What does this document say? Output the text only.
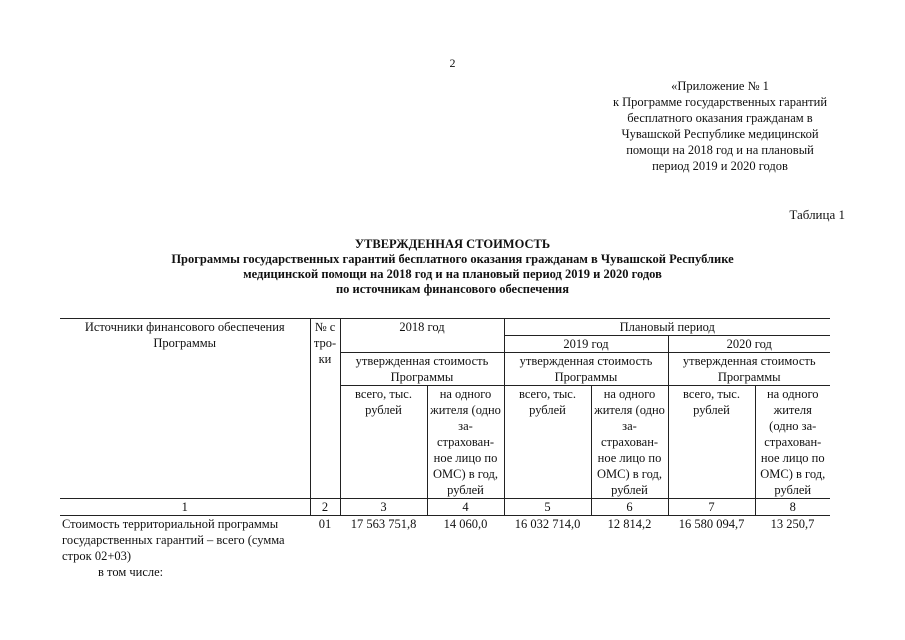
2
«Приложение № 1
к Программе государственных гарантий
бесплатного оказания гражданам в
Чувашской Республике медицинской
помощи на 2018 год и на плановый
период 2019 и 2020 годов
Таблица 1
УТВЕРЖДЕННАЯ СТОИМОСТЬ
Программы государственных гарантий бесплатного оказания гражданам в Чувашской Республике
медицинской помощи на 2018 год и на плановый период 2019 и 2020 годов
по источникам финансового обеспечения
Источники финансового обеспечения Программы	№ стро- ки	2018 год		Плановый период			
				2019 год		2020 год	
		утвержденная стоимость Программы		утвержденная стоимость Программы		утвержденная стоимость Программы	
		всего, тыс. рублей	на одного жителя (одно за- страхован- ное лицо по ОМС) в год, рублей	всего, тыс. рублей	на одного жителя (одно за- страхован- ное лицо по ОМС) в год, рублей	всего, тыс. рублей	на одного жителя (одно за- страхован- ное лицо по ОМС) в год, рублей
1	2	3	4	5	6	7	8
Стоимость территориальной программы государственных гарантий – всего (сумма строк 02+03)	01	17 563 751,8	14 060,0	16 032 714,0	12 814,2	16 580 094,7	13 250,7
в том числе:							
